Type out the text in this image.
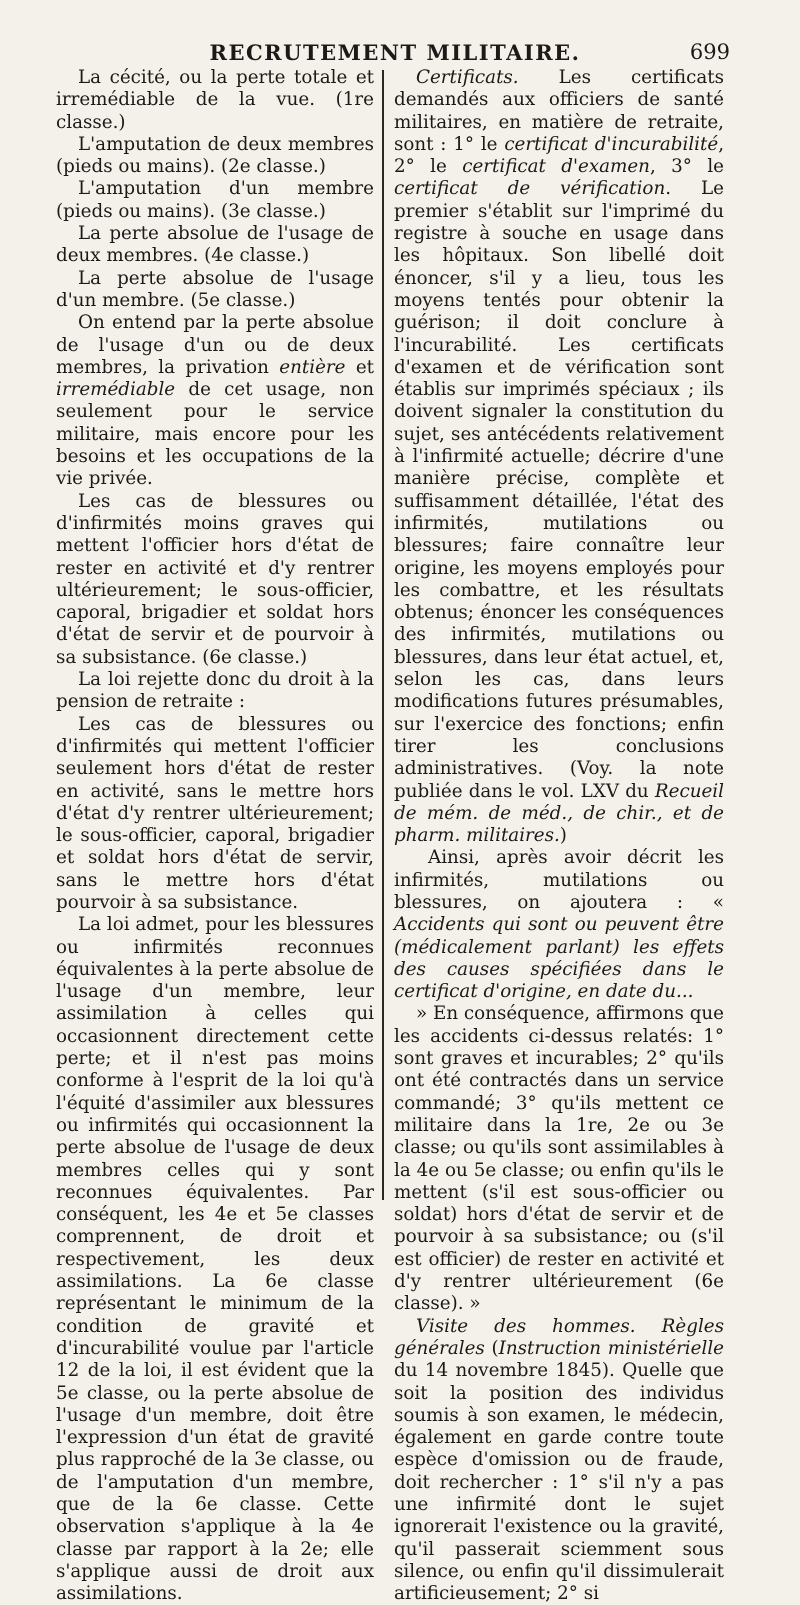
RECRUTEMENT MILITAIRE.	699

La cécité, ou la perte totale et irremédiable de la vue. (1re classe.)

L'amputation de deux membres (pieds ou mains). (2e classe.)

L'amputation d'un membre (pieds ou mains). (3e classe.)

La perte absolue de l'usage de deux membres. (4e classe.)

La perte absolue de l'usage d'un membre. (5e classe.)

On entend par la perte absolue de l'usage d'un ou de deux membres, la privation entière et irremédiable de cet usage, non seulement pour le service militaire, mais encore pour les besoins et les occupations de la vie privée.

Les cas de blessures ou d'infirmités moins graves qui mettent l'officier hors d'état de rester en activité et d'y rentrer ultérieurement; le sous-officier, caporal, brigadier et soldat hors d'état de servir et de pourvoir à sa subsistance. (6e classe.)

La loi rejette donc du droit à la pension de retraite :

Les cas de blessures ou d'infirmités qui mettent l'officier seulement hors d'état de rester en activité, sans le mettre hors d'état d'y rentrer ultérieurement; le sous-officier, caporal, brigadier et soldat hors d'état de servir, sans le mettre hors d'état pourvoir à sa subsistance.

La loi admet, pour les blessures ou infirmités reconnues équivalentes à la perte absolue de l'usage d'un membre, leur assimilation à celles qui occasionnent directement cette perte; et il n'est pas moins conforme à l'esprit de la loi qu'à l'équité d'assimiler aux blessures ou infirmités qui occasionnent la perte absolue de l'usage de deux membres celles qui y sont reconnues équivalentes. Par conséquent, les 4e et 5e classes comprennent, de droit et respectivement, les deux assimilations. La 6e classe représentant le minimum de la condition de gravité et d'incurabilité voulue par l'article 12 de la loi, il est évident que la 5e classe, ou la perte absolue de l'usage d'un membre, doit être l'expression d'un état de gravité plus rapproché de la 3e classe, ou de l'amputation d'un membre, que de la 6e classe. Cette observation s'applique à la 4e classe par rapport à la 2e; elle s'applique aussi de droit aux assimilations.

Certificats. Les certificats demandés aux officiers de santé militaires, en matière de retraite, sont : 1° le certificat d'incurabilité, 2° le certificat d'examen, 3° le certificat de vérification. Le premier s'établit sur l'imprimé du registre à souche en usage dans les hôpitaux. Son libellé doit énoncer, s'il y a lieu, tous les moyens tentés pour obtenir la guérison; il doit conclure à l'incurabilité. Les certificats d'examen et de vérification sont établis sur imprimés spéciaux ; ils doivent signaler la constitution du sujet, ses antécédents relativement à l'infirmité actuelle; décrire d'une manière précise, complète et suffisamment détaillée, l'état des infirmités, mutilations ou blessures; faire connaître leur origine, les moyens employés pour les combattre, et les résultats obtenus; énoncer les conséquences des infirmités, mutilations ou blessures, dans leur état actuel, et, selon les cas, dans leurs modifications futures présumables, sur l'exercice des fonctions; enfin tirer les conclusions administratives. (Voy. la note publiée dans le vol. LXV du Recueil de mém. de méd., de chir., et de pharm. militaires.)

Ainsi, après avoir décrit les infirmités, mutilations ou blessures, on ajoutera : « Accidents qui sont ou peuvent être (médicalement parlant) les effets des causes spécifiées dans le certificat d'origine, en date du...

» En conséquence, affirmons que les accidents ci-dessus relatés: 1° sont graves et incurables; 2° qu'ils ont été contractés dans un service commandé; 3° qu'ils mettent ce militaire dans la 1re, 2e ou 3e classe; ou qu'ils sont assimilables à la 4e ou 5e classe; ou enfin qu'ils le mettent (s'il est sous-officier ou soldat) hors d'état de servir et de pourvoir à sa subsistance; ou (s'il est officier) de rester en activité et d'y rentrer ultérieurement (6e classe). »

Visite des hommes. Règles générales (Instruction ministérielle du 14 novembre 1845). Quelle que soit la position des individus soumis à son examen, le médecin, également en garde contre toute espèce d'omission ou de fraude, doit rechercher : 1° s'il n'y a pas une infirmité dont le sujet ignorerait l'existence ou la gravité, qu'il passerait sciemment sous silence, ou enfin qu'il dissimulerait artificieusement; 2° si
